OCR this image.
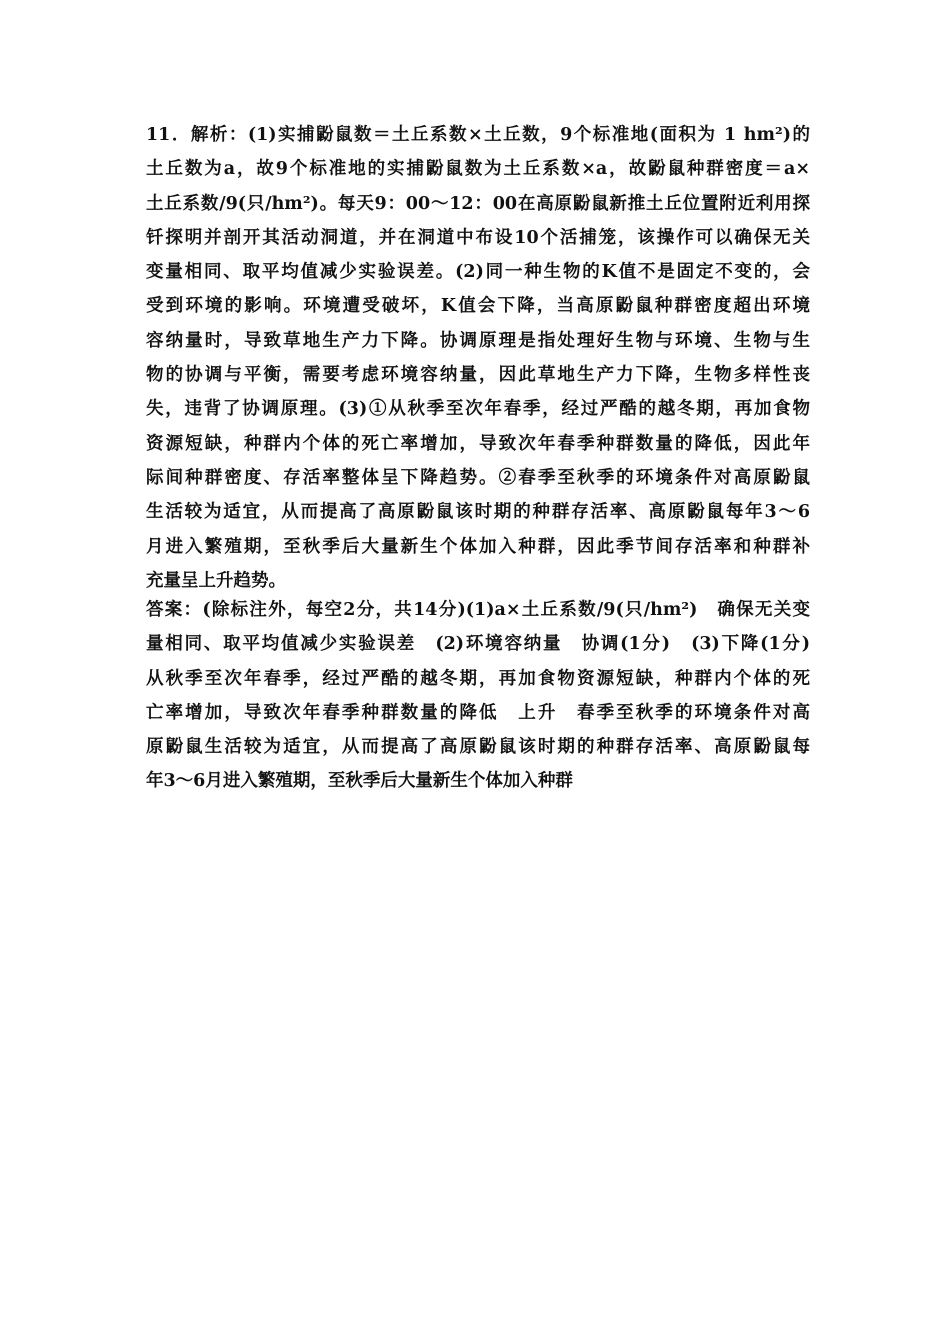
11．解析：(1)实捕鼢鼠数＝土丘系数×土丘数，9个标准地(面积为 1 hm²)的
土丘数为a，故9个标准地的实捕鼢鼠数为土丘系数×a，故鼢鼠种群密度＝a×
土丘系数/9(只/hm²)。每天9：00～12：00在高原鼢鼠新推土丘位置附近利用探
钎探明并剖开其活动洞道，并在洞道中布设10个活捕笼，该操作可以确保无关
变量相同、取平均值减少实验误差。(2)同一种生物的K值不是固定不变的，会
受到环境的影响。环境遭受破坏，K值会下降，当高原鼢鼠种群密度超出环境
容纳量时，导致草地生产力下降。协调原理是指处理好生物与环境、生物与生
物的协调与平衡，需要考虑环境容纳量，因此草地生产力下降，生物多样性丧
失，违背了协调原理。(3)①从秋季至次年春季，经过严酷的越冬期，再加食物
资源短缺，种群内个体的死亡率增加，导致次年春季种群数量的降低，因此年
际间种群密度、存活率整体呈下降趋势。②春季至秋季的环境条件对高原鼢鼠
生活较为适宜，从而提高了高原鼢鼠该时期的种群存活率、高原鼢鼠每年3～6
月进入繁殖期，至秋季后大量新生个体加入种群，因此季节间存活率和种群补
充量呈上升趋势。
答案：(除标注外，每空2分，共14分)(1)a×土丘系数/9(只/hm²)　确保无关变
量相同、取平均值减少实验误差　(2)环境容纳量　协调(1分)　(3)下降(1分)
从秋季至次年春季，经过严酷的越冬期，再加食物资源短缺，种群内个体的死
亡率增加，导致次年春季种群数量的降低　上升　春季至秋季的环境条件对高
原鼢鼠生活较为适宜，从而提高了高原鼢鼠该时期的种群存活率、高原鼢鼠每
年3～6月进入繁殖期，至秋季后大量新生个体加入种群
